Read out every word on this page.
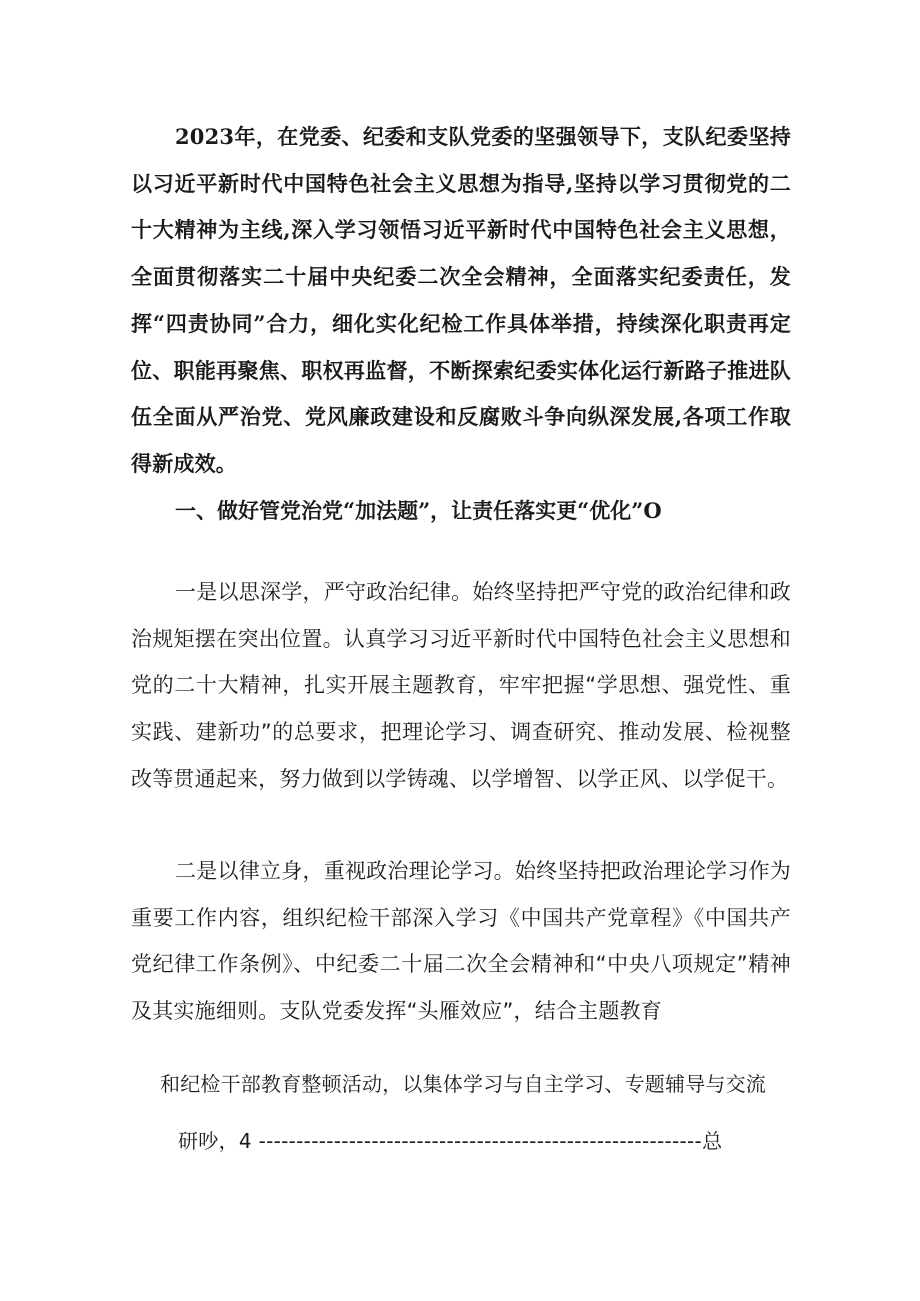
2023年，在党委、纪委和支队党委的坚强领导下，支队纪委坚持以习近平新时代中国特色社会主义思想为指导,坚持以学习贯彻党的二十大精神为主线,深入学习领悟习近平新时代中国特色社会主义思想，全面贯彻落实二十届中央纪委二次全会精神，全面落实纪委责任，发挥“四责协同”合力，细化实化纪检工作具体举措，持续深化职责再定位、职能再聚焦、职权再监督，不断探索纪委实体化运行新路子推进队伍全面从严治党、党风廉政建设和反腐败斗争向纵深发展,各项工作取得新成效。

一、做好管党治党“加法题”，让责任落实更“优化”O

一是以思深学，严守政治纪律。始终坚持把严守党的政治纪律和政治规矩摆在突出位置。认真学习习近平新时代中国特色社会主义思想和党的二十大精神，扎实开展主题教育，牢牢把握“学思想、强党性、重实践、建新功”的总要求，把理论学习、调查研究、推动发展、检视整改等贯通起来，努力做到以学铸魂、以学增智、以学正风、以学促干。

二是以律立身，重视政治理论学习。始终坚持把政治理论学习作为重要工作内容，组织纪检干部深入学习《中国共产党章程》《中国共产党纪律工作条例》、中纪委二十届二次全会精神和“中央八项规定”精神及其实施细则。支队党委发挥“头雁效应”，结合主题教育

和纪检干部教育整顿活动，以集体学习与自主学习、专题辅导与交流

研吵，4 -----------------------------------------------------------总
